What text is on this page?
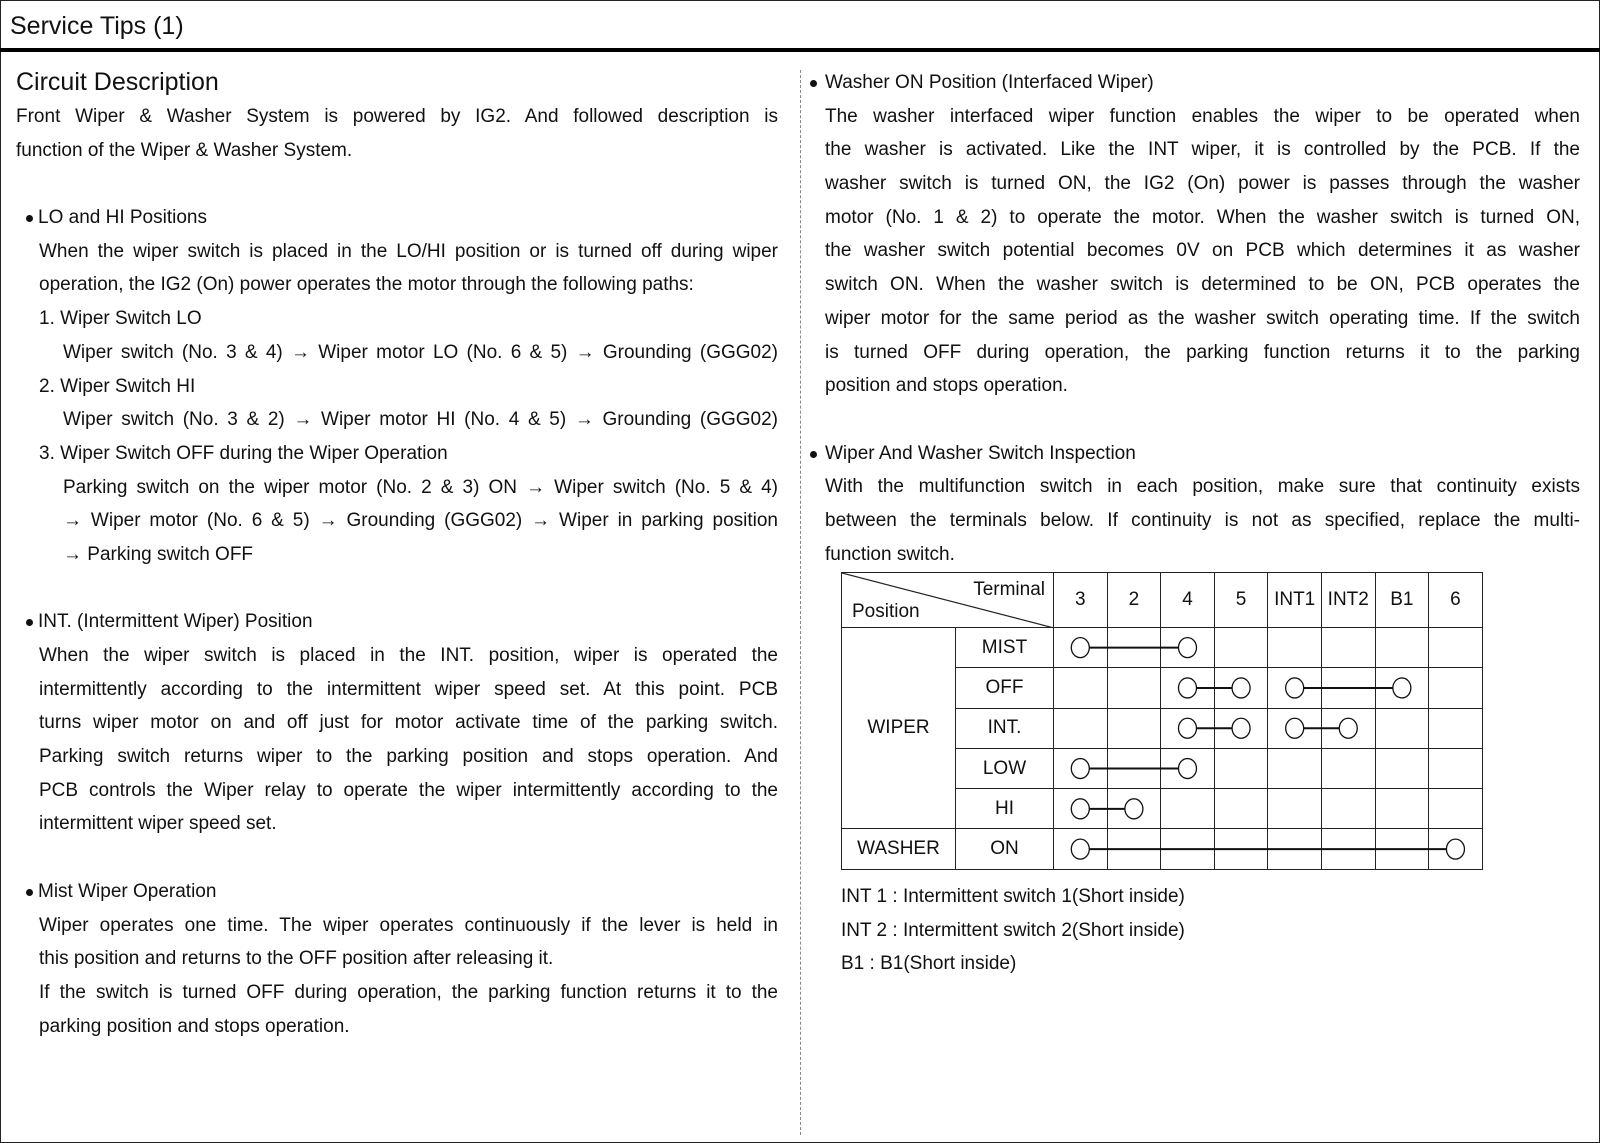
Service Tips (1)
Circuit Description
Front Wiper & Washer System is powered by IG2. And followed description is
function of the Wiper & Washer System.
LO and HI Positions
When the wiper switch is placed in the LO/HI position or is turned off during wiper
operation, the IG2 (On) power operates the motor through the following paths:
1. Wiper Switch LO
Wiper switch (No. 3 & 4) → Wiper motor LO (No. 6 & 5) → Grounding (GGG02)
2. Wiper Switch HI
Wiper switch (No. 3 & 2) → Wiper motor HI (No. 4 & 5) → Grounding (GGG02)
3. Wiper Switch OFF during the Wiper Operation
Parking switch on the wiper motor (No. 2 & 3) ON → Wiper switch (No. 5 & 4)
→ Wiper motor (No. 6 & 5) → Grounding (GGG02) → Wiper in parking position
→ Parking switch OFF
INT. (Intermittent Wiper) Position
When the wiper switch is placed in the INT. position, wiper is operated the
intermittently according to the intermittent wiper speed set. At this point. PCB
turns wiper motor on and off just for motor activate time of the parking switch.
Parking switch returns wiper to the parking position and stops operation. And
PCB controls the Wiper relay to operate the wiper intermittently according to the
intermittent wiper speed set.
Mist Wiper Operation
Wiper operates one time. The wiper operates continuously if the lever is held in
this position and returns to the OFF position after releasing it.
If the switch is turned OFF during operation, the parking function returns it to the
parking position and stops operation.
Washer ON Position (Interfaced Wiper)
The washer interfaced wiper function enables the wiper to be operated when
the washer is activated. Like the INT wiper, it is controlled by the PCB. If the
washer switch is turned ON, the IG2 (On) power is passes through the washer
motor (No. 1 & 2) to operate the motor. When the washer switch is turned ON,
the washer switch potential becomes 0V on PCB which determines it as washer
switch ON. When the washer switch is determined to be ON, PCB operates the
wiper motor for the same period as the washer switch operating time. If the switch
is turned OFF during operation, the parking function returns it to the parking
position and stops operation.
Wiper And Washer Switch Inspection
With the multifunction switch in each position, make sure that continuity exists
between the terminals below. If continuity is not as specified, replace the multi-
function switch.
Terminal
Position		3	2	4	5	INT1	INT2	B1	6
WIPER	MIST								
	OFF								
	INT.								
	LOW								
	HI								
WASHER	ON								
INT 1 : Intermittent switch 1(Short inside)
INT 2 : Intermittent switch 2(Short inside)
B1 : B1(Short inside)
